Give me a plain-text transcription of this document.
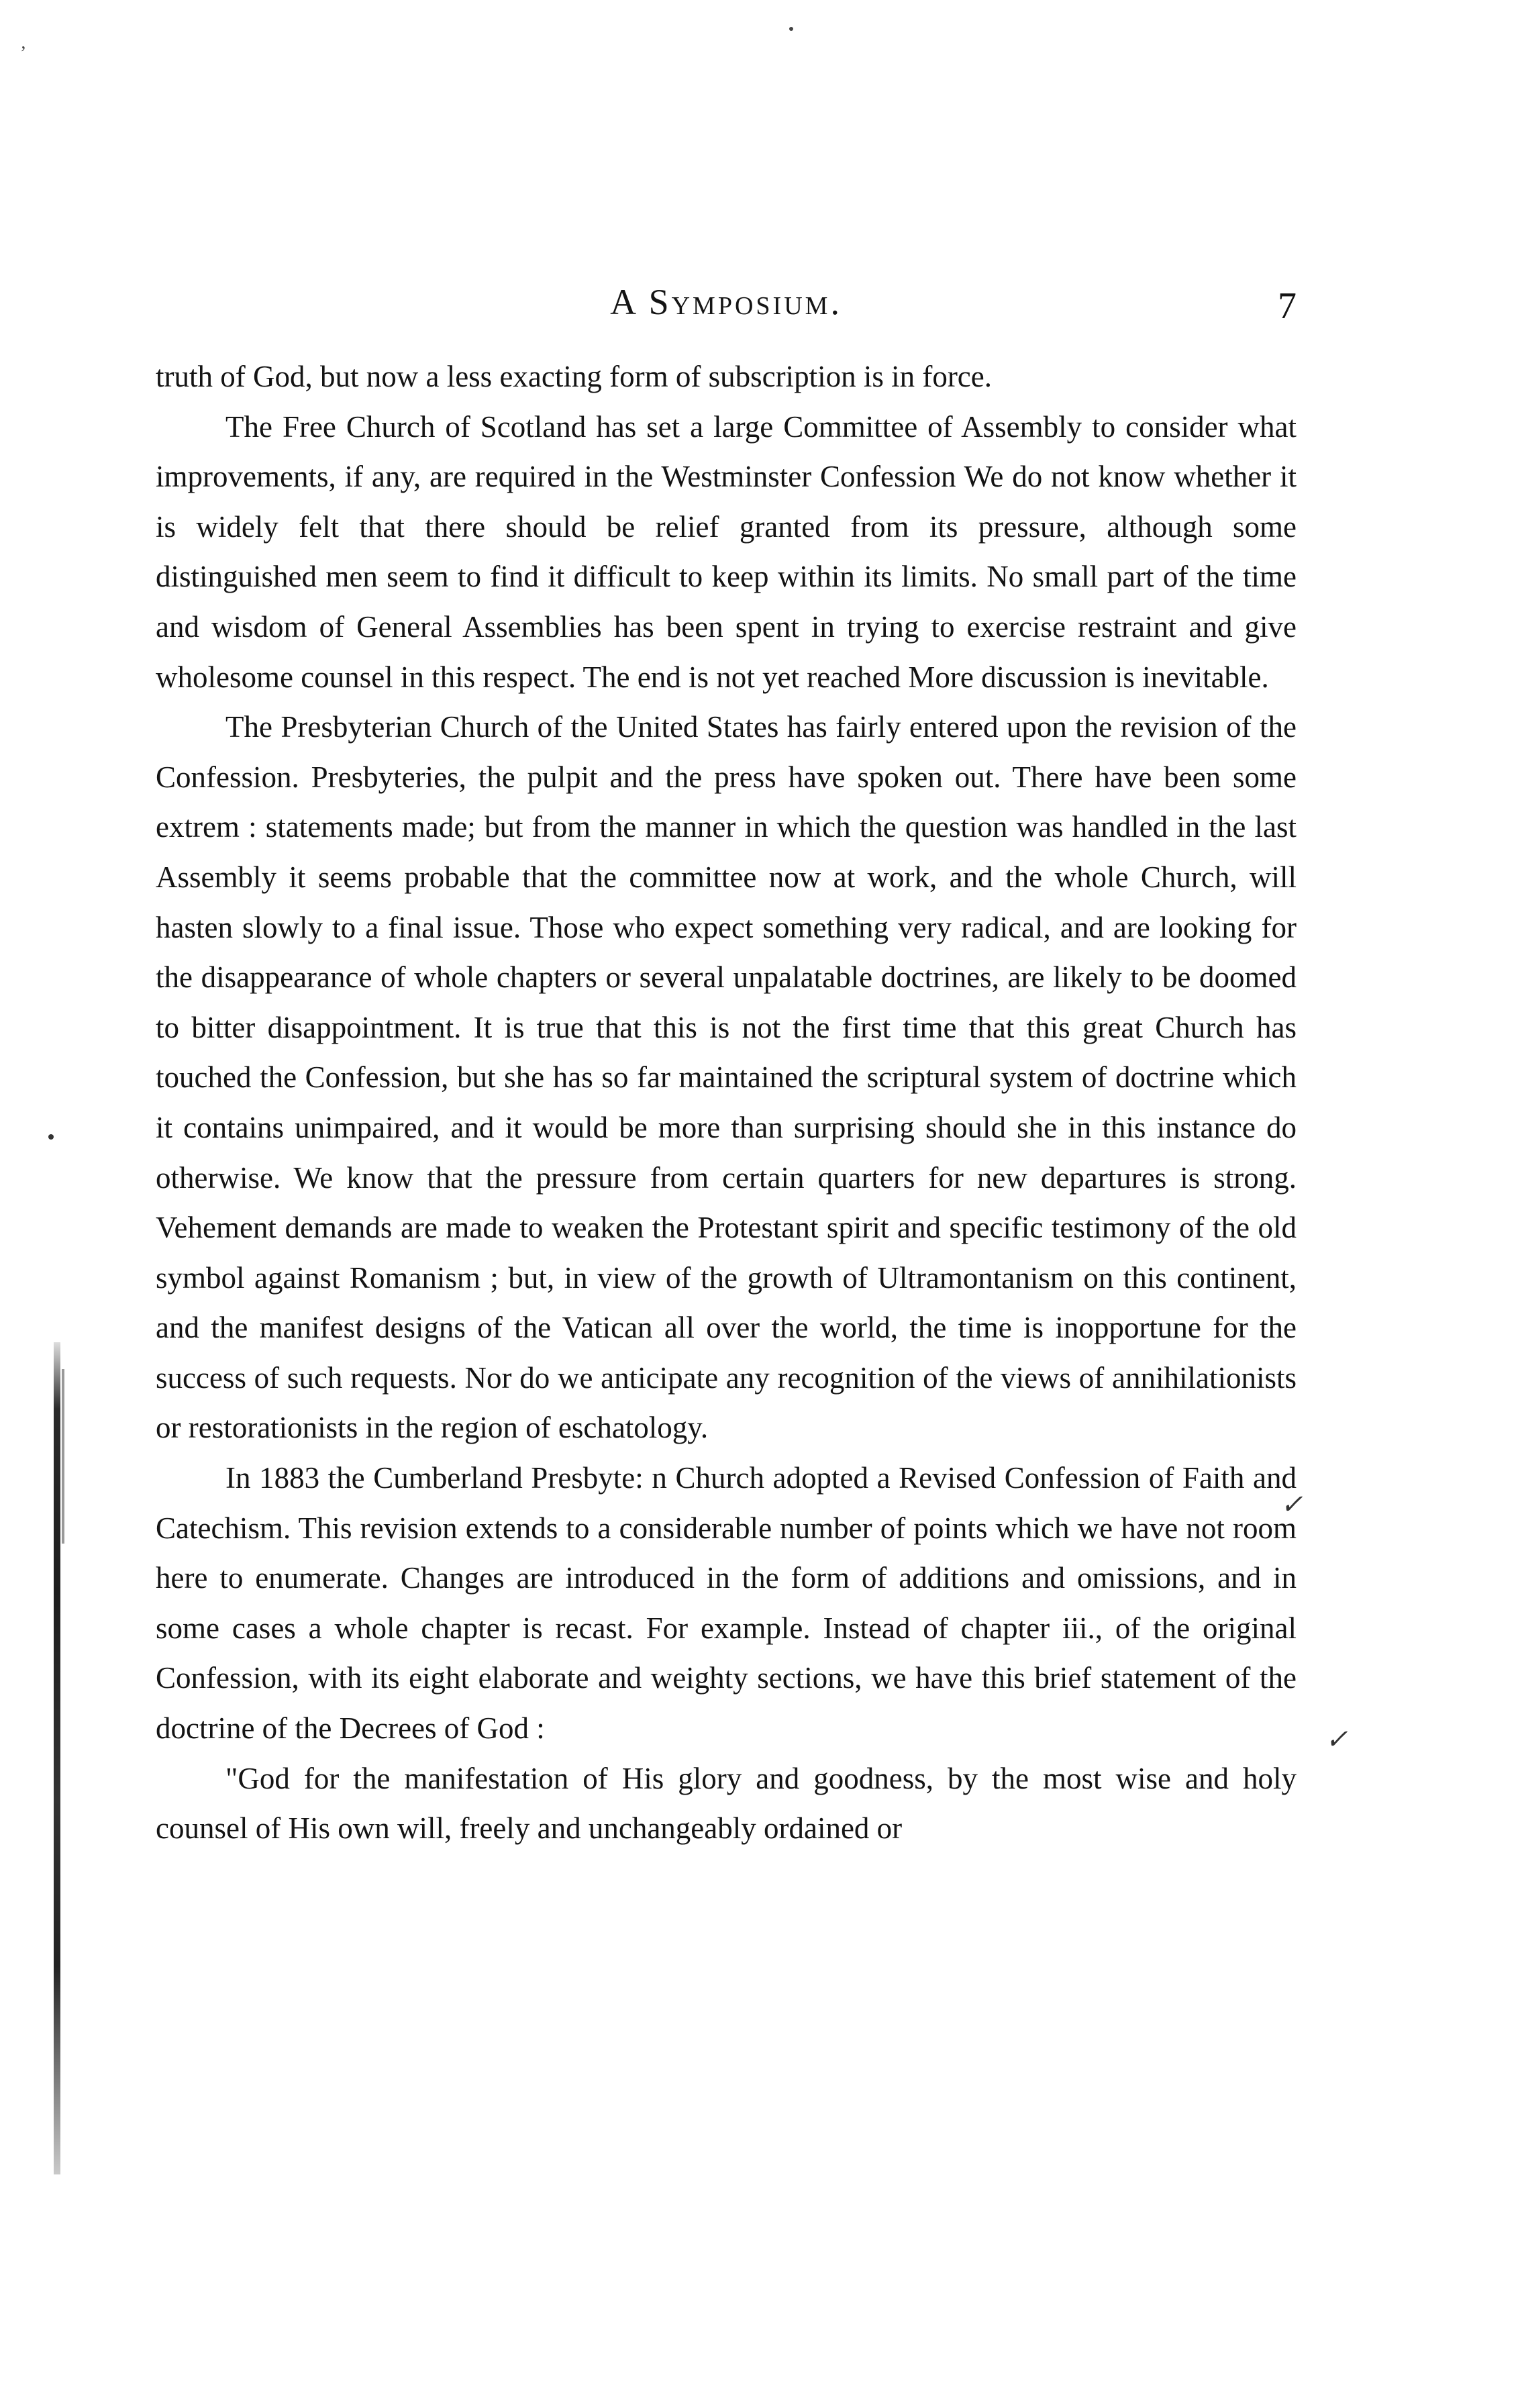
ʼ
A Symposium.	7

truth of God, but now a less exacting form of subscription is in force.

The Free Church of Scotland has set a large Committee of Assembly to consider what improvements, if any, are required in the Westminster Confession We do not know whether it is widely felt that there should be relief granted from its pressure, although some distinguished men seem to find it difficult to keep within its limits. No small part of the time and wisdom of General Assemblies has been spent in trying to exercise restraint and give wholesome counsel in this respect. The end is not yet reached More discussion is inevitable.

The Presbyterian Church of the United States has fairly entered upon the revision of the Confession. Presbyteries, the pulpit and the press have spoken out. There have been some extrem : statements made; but from the manner in which the question was handled in the last Assembly it seems probable that the committee now at work, and the whole Church, will hasten slowly to a final issue. Those who expect something very radical, and are looking for the disappearance of whole chapters or several unpalatable doctrines, are likely to be doomed to bitter disappointment. It is true that this is not the first time that this great Church has touched the Confession, but she has so far maintained the scriptural system of doctrine which it contains unimpaired, and it would be more than surprising should she in this instance do otherwise. We know that the pressure from certain quarters for new departures is strong. Vehement demands are made to weaken the Protestant spirit and specific testimony of the old symbol against Romanism ; but, in view of the growth of Ultramontanism on this continent, and the manifest designs of the Vatican all over the world, the time is inopportune for the success of such requests. Nor do we anticipate any recognition of the views of annihilationists or restorationists in the region of eschatology.

In 1883 the Cumberland Presbyte: n Church adopted a Revised Confession of Faith and Catechism. This revision extends to a considerable number of points which we have not room here to enumerate. Changes are introduced in the form of additions and omissions, and in some cases a whole chapter is recast. For example. Instead of chapter iii., of the original Confession, with its eight elaborate and weighty sections, we have this brief statement of the doctrine of the Decrees of God :

"God for the manifestation of His glory and goodness, by the most wise and holy counsel of His own will, freely and unchangeably ordained or

✓
✓
